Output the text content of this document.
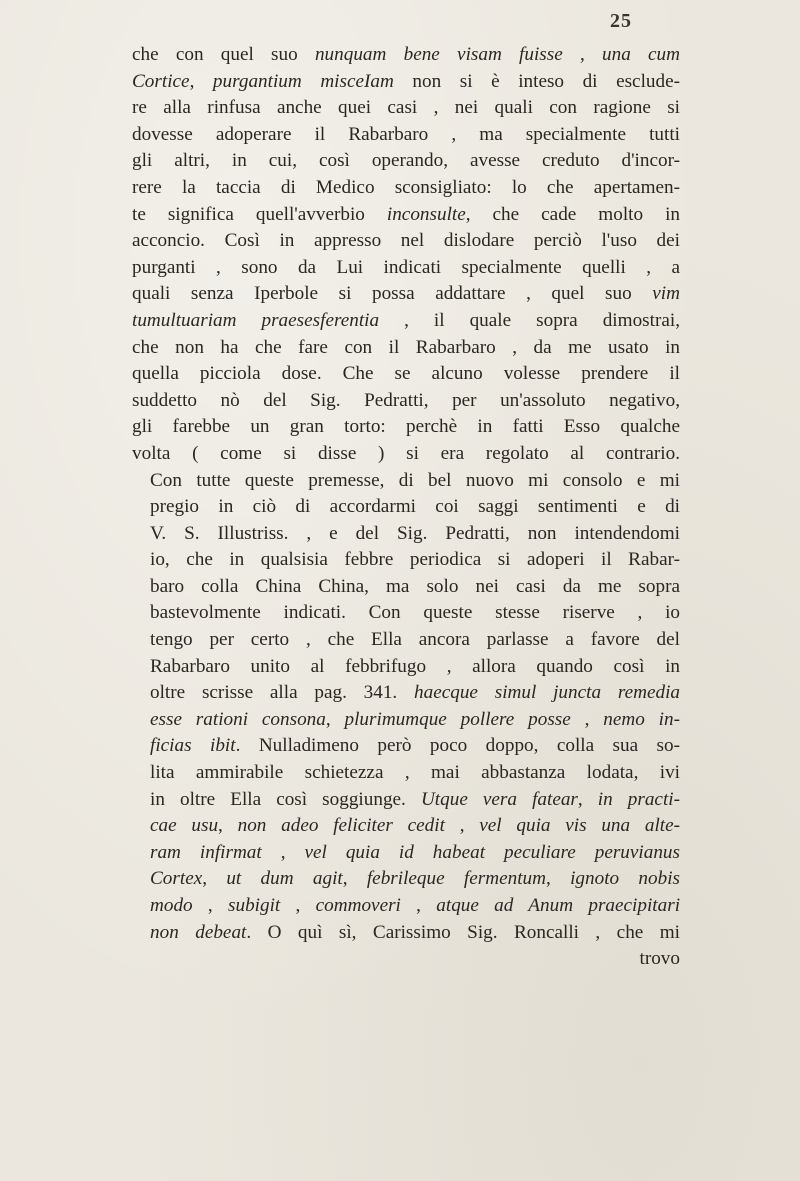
25
che con quel suo nunquam bene visam fuisse , una cum
Cortice, purgantium misceIam non si è inteso di esclude-
re alla rinfusa anche quei casi , nei quali con ragione si
dovesse adoperare il Rabarbaro , ma specialmente tutti
gli altri, in cui, così operando, avesse creduto d'incor-
rere la taccia di Medico sconsigliato: lo che apertamen-
te significa quell'avverbio inconsulte, che cade molto in
acconcio. Così in appresso nel dislodare perciò l'uso dei
purganti , sono da Lui indicati specialmente quelli , a
quali senza Iperbole si possa addattare , quel suo vim
tumultuariam praesesferentia , il quale sopra dimostrai,
che non ha che fare con il Rabarbaro , da me usato in
quella picciola dose. Che se alcuno volesse prendere il
suddetto nò del Sig. Pedratti, per un'assoluto negativo,
gli farebbe un gran torto: perchè in fatti Esso qualche
volta ( come si disse ) si era regolato al contrario.
Con tutte queste premesse, di bel nuovo mi consolo e mi
pregio in ciò di accordarmi coi saggi sentimenti e di
V. S. Illustriss. , e del Sig. Pedratti, non intendendomi
io, che in qualsisia febbre periodica si adoperi il Rabar-
baro colla China China, ma solo nei casi da me sopra
bastevolmente indicati. Con queste stesse riserve , io
tengo per certo , che Ella ancora parlasse a favore del
Rabarbaro unito al febbrifugo , allora quando così in
oltre scrisse alla pag. 341. haecque simul juncta remedia
esse rationi consona, plurimumque pollere posse , nemo in-
ficias ibit. Nulladimeno però poco doppo, colla sua so-
lita ammirabile schietezza , mai abbastanza lodata, ivi
in oltre Ella così soggiunge. Utque vera fatear, in practi-
cae usu, non adeo feliciter cedit , vel quia vis una alte-
ram infirmat , vel quia id habeat peculiare peruvianus
Cortex, ut dum agit, febrileque fermentum, ignoto nobis
modo , subigit , commoveri , atque ad Anum praecipitari
non debeat. O quì sì, Carissimo Sig. Roncalli , che mi
trovo
